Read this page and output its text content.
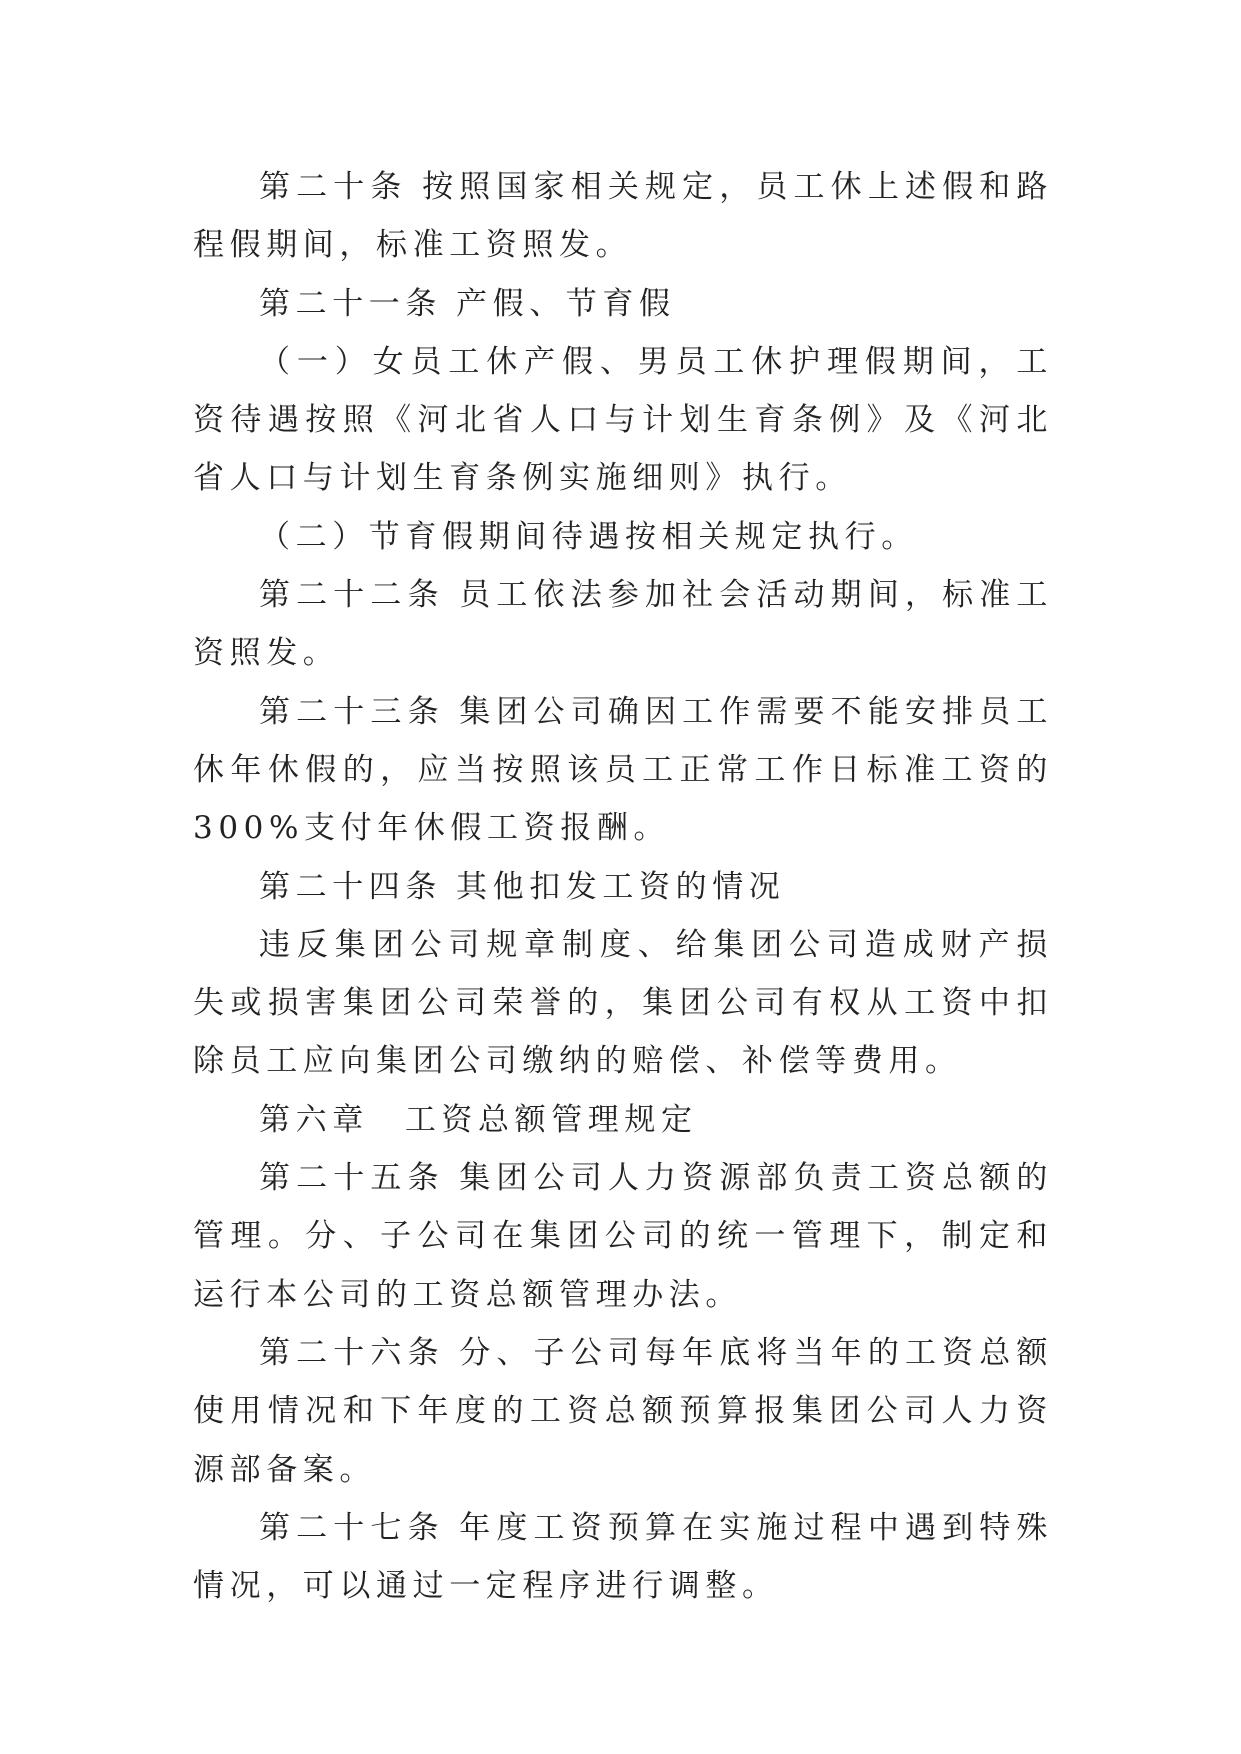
第二十条 按照国家相关规定，员工休上述假和路程假期间，标准工资照发。

第二十一条 产假、节育假

（一）女员工休产假、男员工休护理假期间，工资待遇按照《河北省人口与计划生育条例》及《河北省人口与计划生育条例实施细则》执行。

（二）节育假期间待遇按相关规定执行。

第二十二条 员工依法参加社会活动期间，标准工资照发。

第二十三条 集团公司确因工作需要不能安排员工休年休假的，应当按照该员工正常工作日标准工资的300%支付年休假工资报酬。

第二十四条 其他扣发工资的情况

违反集团公司规章制度、给集团公司造成财产损失或损害集团公司荣誉的，集团公司有权从工资中扣除员工应向集团公司缴纳的赔偿、补偿等费用。

第六章 工资总额管理规定

第二十五条 集团公司人力资源部负责工资总额的管理。分、子公司在集团公司的统一管理下，制定和运行本公司的工资总额管理办法。

第二十六条 分、子公司每年底将当年的工资总额使用情况和下年度的工资总额预算报集团公司人力资源部备案。

第二十七条 年度工资预算在实施过程中遇到特殊情况，可以通过一定程序进行调整。
